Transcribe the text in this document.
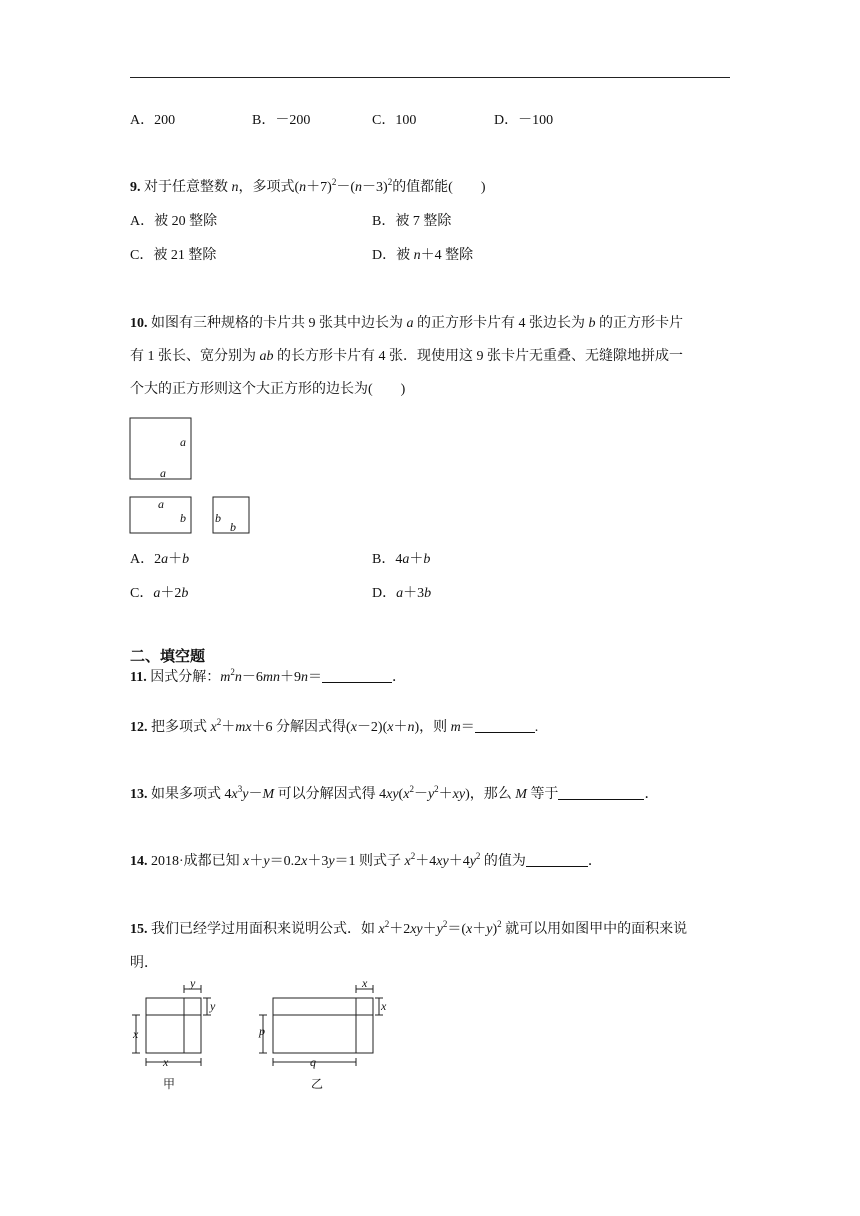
A．200	B．－200	C．100	D．－100
9. 对于任意整数 n，多项式$(n+7)^2-(n-3)^2$的值都能(　　)
A．被 20 整除	B．被 7 整除
C．被 21 整除	D．被 n＋4 整除
10. 如图有三种规格的卡片共 9 张其中边长为 a 的正方形卡片有 4 张边长为 b 的正方形卡片
有 1 张长、宽分别为 ab 的长方形卡片有 4 张．现使用这 9 张卡片无重叠、无缝隙地拼成一
个大的正方形则这个大正方形的边长为(　　)
a
a
a
b b
b
A．2a＋b	B．4a＋b
C．a＋2b	D．a＋3b
二、填空题
11. 因式分解：$m^2n-6mn+9n=$	．
12. 把多项式 $x^2+mx+6$ 分解因式得(x－2)(x＋n)，则 m＝	.
13. 如果多项式 $4x^3y-M$ 可以分解因式得 $4xy(x^2-y^2+xy)$，那么 M 等于	．
14. 2018·成都已知 x＋y＝0.2x＋3y＝1 则式子 $x^2+4xy+4y^2$ 的值为	．
15. 我们已经学过用面积来说明公式．如 $x^2+2xy+y^2=(x+y)^2$ 就可以用如图甲中的面积来说
明．
y
y
x
x
甲
x
x
p
q
乙
